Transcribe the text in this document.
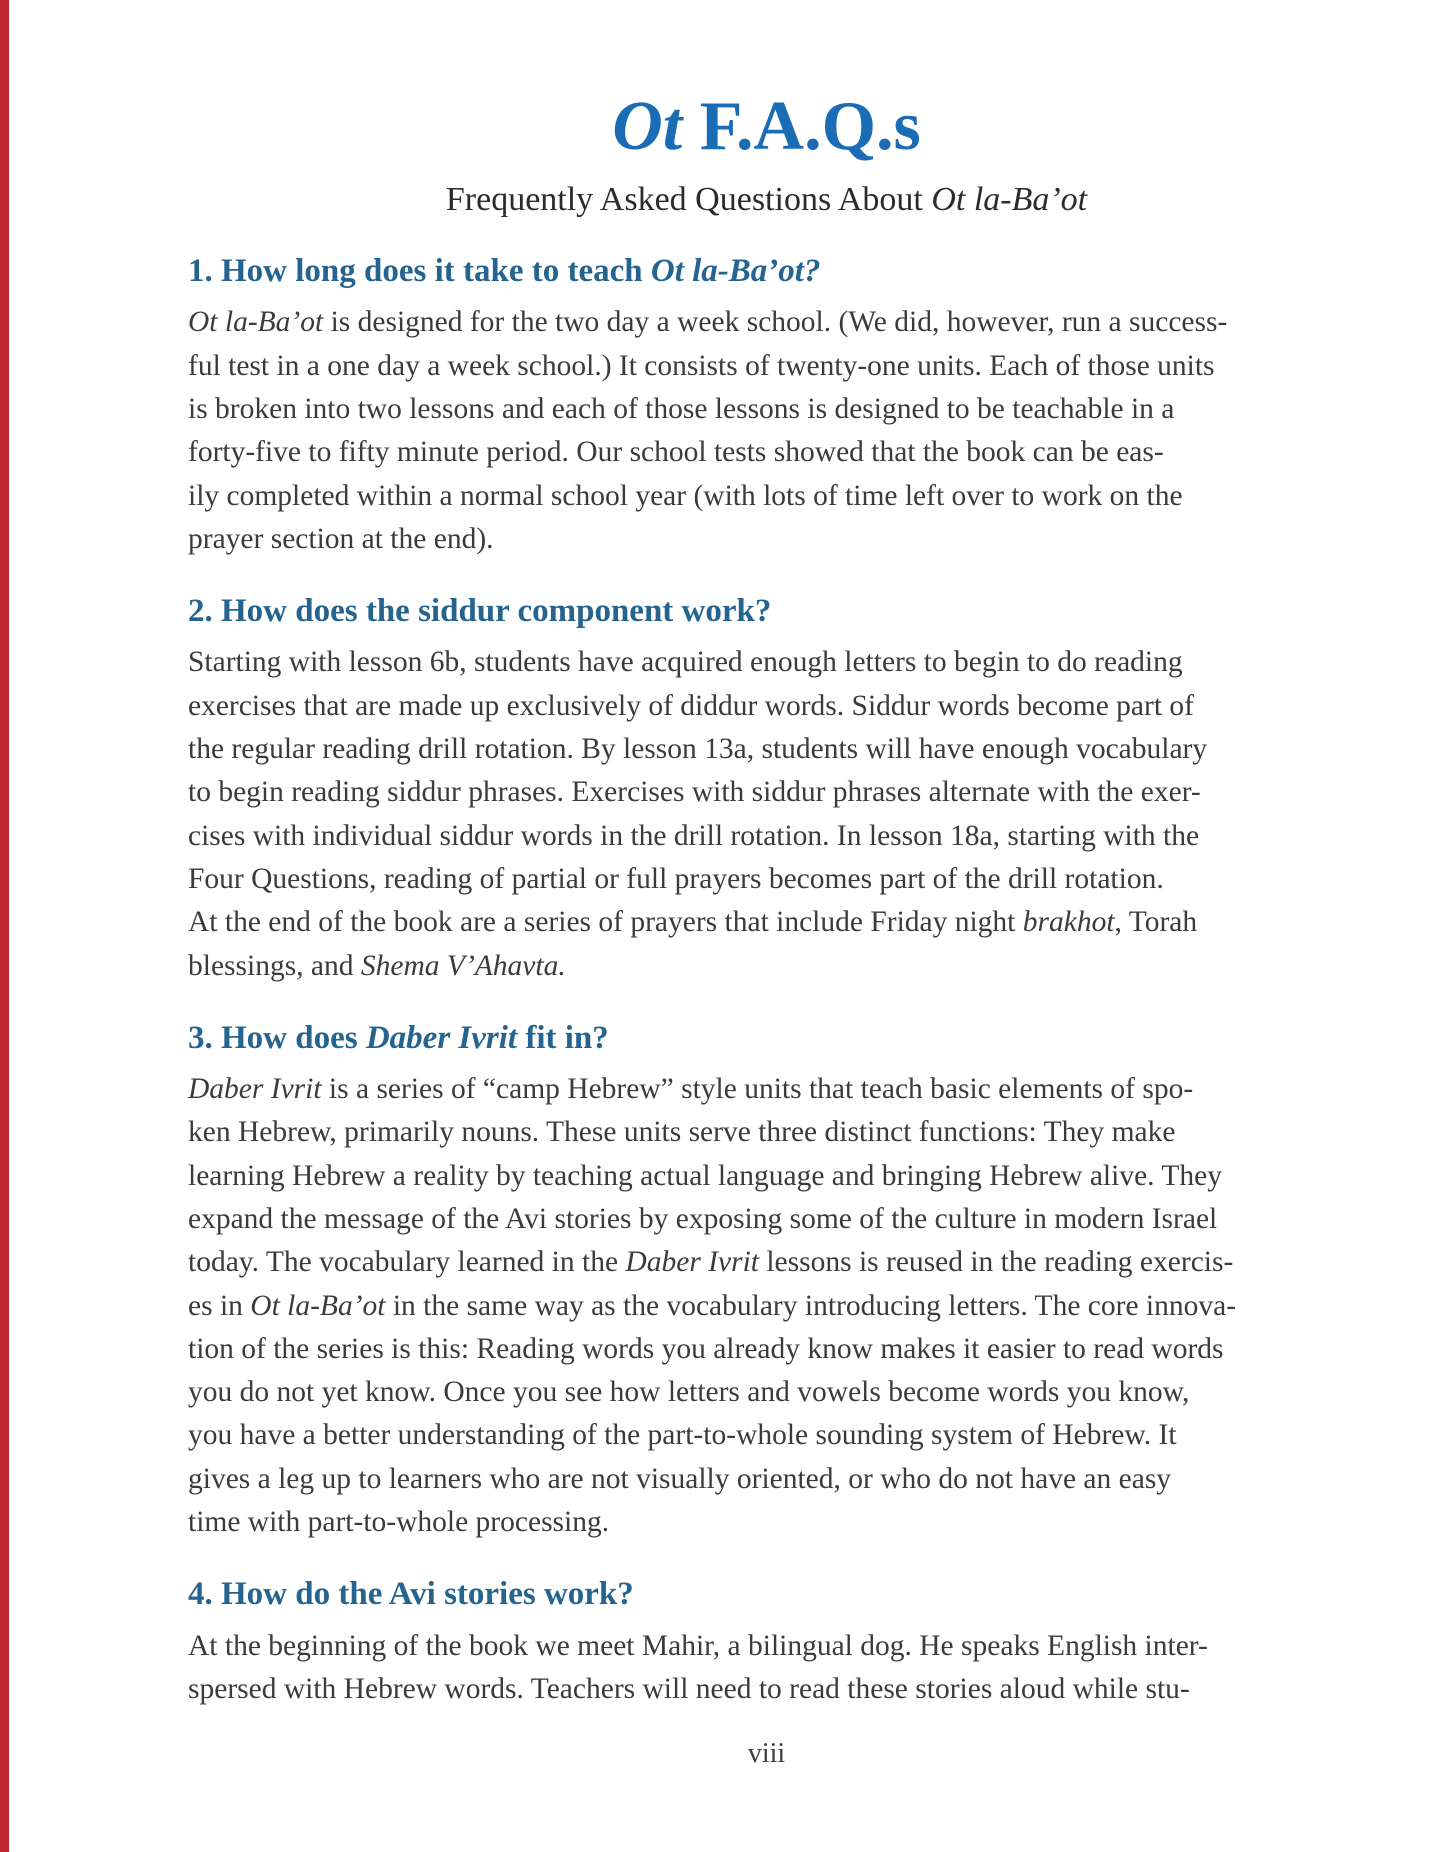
Ot F.A.Q.s
Frequently Asked Questions About Ot la-Ba’ot
1. How long does it take to teach Ot la-Ba’ot?
Ot la-Ba’ot is designed for the two day a week school. (We did, however, run a success-
ful test in a one day a week school.) It consists of twenty-one units. Each of those units
is broken into two lessons and each of those lessons is designed to be teachable in a
forty-five to fifty minute period. Our school tests showed that the book can be eas-
ily completed within a normal school year (with lots of time left over to work on the
prayer section at the end).
2. How does the siddur component work?
Starting with lesson 6b, students have acquired enough letters to begin to do reading
exercises that are made up exclusively of diddur words. Siddur words become part of
the regular reading drill rotation. By lesson 13a, students will have enough vocabulary
to begin reading siddur phrases. Exercises with siddur phrases alternate with the exer-
cises with individual siddur words in the drill rotation. In lesson 18a, starting with the
Four Questions, reading of partial or full prayers becomes part of the drill rotation.
At the end of the book are a series of prayers that include Friday night brakhot, Torah
blessings, and Shema V’Ahavta.
3. How does Daber Ivrit fit in?
Daber Ivrit is a series of “camp Hebrew” style units that teach basic elements of spo-
ken Hebrew, primarily nouns. These units serve three distinct functions: They make
learning Hebrew a reality by teaching actual language and bringing Hebrew alive. They
expand the message of the Avi stories by exposing some of the culture in modern Israel
today. The vocabulary learned in the Daber Ivrit lessons is reused in the reading exercis-
es in Ot la-Ba’ot in the same way as the vocabulary introducing letters. The core innova-
tion of the series is this: Reading words you already know makes it easier to read words
you do not yet know. Once you see how letters and vowels become words you know,
you have a better understanding of the part-to-whole sounding system of Hebrew. It
gives a leg up to learners who are not visually oriented, or who do not have an easy
time with part-to-whole processing.
4. How do the Avi stories work?
At the beginning of the book we meet Mahir, a bilingual dog. He speaks English inter-
spersed with Hebrew words. Teachers will need to read these stories aloud while stu-
viii
